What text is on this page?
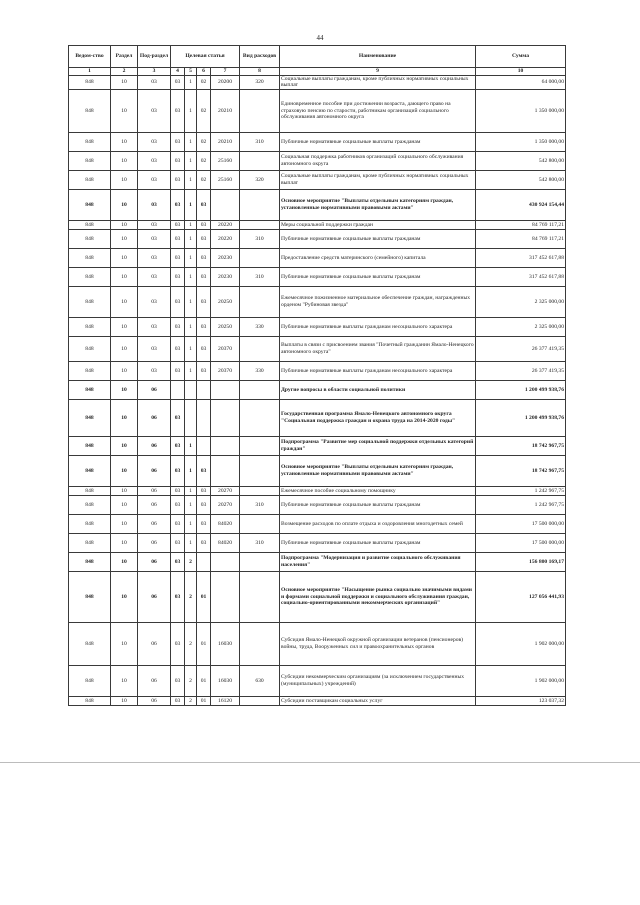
44
Ведом-ство	Раздел	Под-раздел	Целевая статья				Вид расходов	Наименование	Сумма
1	2	3	4	5	6	7	8	9	10
848	10	03	03	1	02	20200	320	Социальные выплаты гражданам, кроме публичных нормативных социальных выплат	64 000,00
848	10	03	03	1	02	20210		Единовременное пособие при достижении возраста, дающего право на страховую пенсию по старости, работникам организаций социального обслуживания автономного округа	1 350 000,00
848	10	03	03	1	02	20210	310	Публичные нормативные социальные выплаты гражданам	1 350 000,00
848	10	03	03	1	02	25160		Социальная поддержка работников организаций социального обслуживания автономного округа	542 800,00
848	10	03	03	1	02	25160	320	Социальные выплаты гражданам, кроме публичных нормативных социальных выплат	542 800,00
848	10	03	03	1	03			Основное мероприятие "Выплаты отдельным категориям граждан, установленные нормативными правовыми актами"	430 924 154,44
848	10	03	03	1	03	20220		Меры социальной поддержки граждан	84 769 117,21
848	10	03	03	1	03	20220	310	Публичные нормативные социальные выплаты гражданам	84 769 117,21
848	10	03	03	1	03	20230		Предоставление средств материнского (семейного) капитала	317 452 617,88
848	10	03	03	1	03	20230	310	Публичные нормативные социальные выплаты гражданам	317 452 617,88
848	10	03	03	1	03	20250		Ежемесячное пожизненное материальное обеспечение граждан, награжденных орденом "Рубиновая звезда"	2 325 000,00
848	10	03	03	1	03	20250	330	Публичные нормативные выплаты гражданам несоциального характера	2 325 000,00
848	10	03	03	1	03	20370		Выплаты в связи с присвоением звания "Почетный гражданин Ямало-Ненецкого автономного округа"	26 377 419,35
848	10	03	03	1	03	20370	330	Публичные нормативные выплаты гражданам несоциального характера	26 377 419,35
848	10	06						Другие вопросы в области социальной политики	1 200 499 938,76
848	10	06	03					Государственная программа Ямало-Ненецкого автономного округа "Социальная поддержка граждан и охрана труда на 2014-2020 годы"	1 200 499 938,76
848	10	06	03	1				Подпрограмма "Развитие мер социальной поддержки отдельных категорий граждан"	18 742 967,75
848	10	06	03	1	03			Основное мероприятие "Выплаты отдельным категориям граждан, установленные нормативными правовыми актами"	18 742 967,75
848	10	06	03	1	03	20270		Ежемесячное пособие социальному помощнику	1 242 967,75
848	10	06	03	1	03	20270	310	Публичные нормативные социальные выплаты гражданам	1 242 967,75
848	10	06	03	1	03	84020		Возмещение расходов по оплате отдыха и оздоровления многодетных семей	17 500 000,00
848	10	06	03	1	03	84020	310	Публичные нормативные социальные выплаты гражданам	17 500 000,00
848	10	06	03	2				Подпрограмма "Модернизация и развитие социального обслуживания населения"	156 800 169,17
848	10	06	03	2	01			Основное мероприятие "Насыщение рынка социально значимыми видами и формами социальной поддержки и социального обслуживания граждан, социально-ориентированными некоммерческих организаций"	127 056 441,93
848	10	06	03	2	01	16030		Субсидия Ямало-Ненецкой окружной организации ветеранов (пенсионеров) войны, труда, Вооруженных сил и правоохранительных органов	1 902 000,00
848	10	06	03	2	01	16030	630	Субсидии некоммерческим организациям (за исключением государственных (муниципальных) учреждений)	1 902 000,00
848	10	06	03	2	01	16120		Субсидии поставщикам социальных услуг	123 037,32
